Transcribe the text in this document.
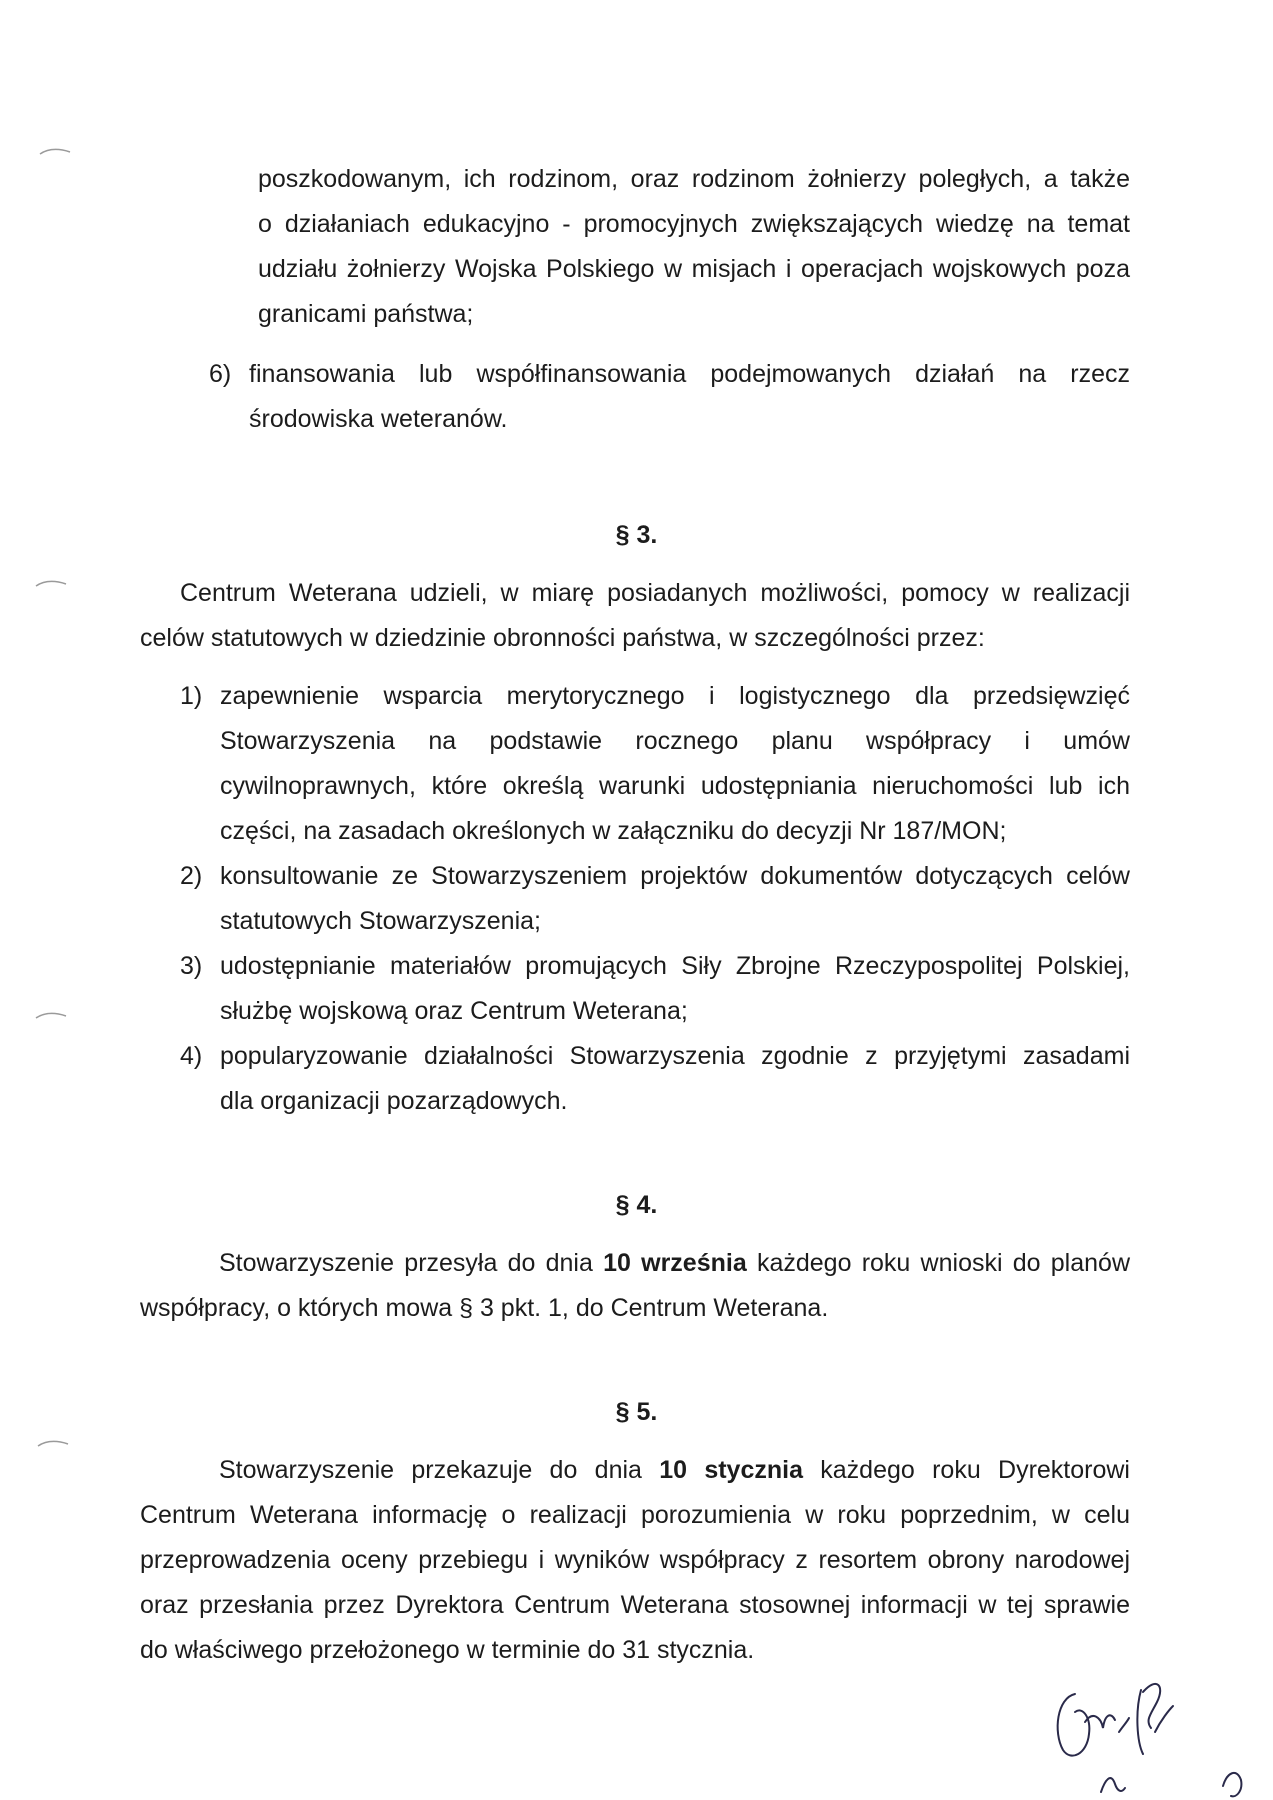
poszkodowanym, ich rodzinom, oraz rodzinom żołnierzy poległych, a także
o działaniach edukacyjno - promocyjnych zwiększających wiedzę na temat
udziału żołnierzy Wojska Polskiego w misjach i operacjach wojskowych poza
granicami państwa;
6) finansowania lub współfinansowania podejmowanych działań na rzecz
środowiska weteranów.
§ 3.
Centrum Weterana udzieli, w miarę posiadanych możliwości, pomocy w realizacji
celów statutowych w dziedzinie obronności państwa, w szczególności przez:
1) zapewnienie wsparcia merytorycznego i logistycznego dla przedsięwzięć
Stowarzyszenia na podstawie rocznego planu współpracy i umów
cywilnoprawnych, które określą warunki udostępniania nieruchomości lub ich
części, na zasadach określonych w załączniku do decyzji Nr 187/MON;
2) konsultowanie ze Stowarzyszeniem projektów dokumentów dotyczących celów
statutowych Stowarzyszenia;
3) udostępnianie materiałów promujących Siły Zbrojne Rzeczypospolitej Polskiej,
służbę wojskową oraz Centrum Weterana;
4) popularyzowanie działalności Stowarzyszenia zgodnie z przyjętymi zasadami
dla organizacji pozarządowych.
§ 4.
Stowarzyszenie przesyła do dnia 10 września każdego roku wnioski do planów
współpracy, o których mowa § 3 pkt. 1, do Centrum Weterana.
§ 5.
Stowarzyszenie przekazuje do dnia 10 stycznia każdego roku Dyrektorowi
Centrum Weterana informację o realizacji porozumienia w roku poprzednim, w celu
przeprowadzenia oceny przebiegu i wyników współpracy z resortem obrony narodowej
oraz przesłania przez Dyrektora Centrum Weterana stosownej informacji w tej sprawie
do właściwego przełożonego w terminie do 31 stycznia.
